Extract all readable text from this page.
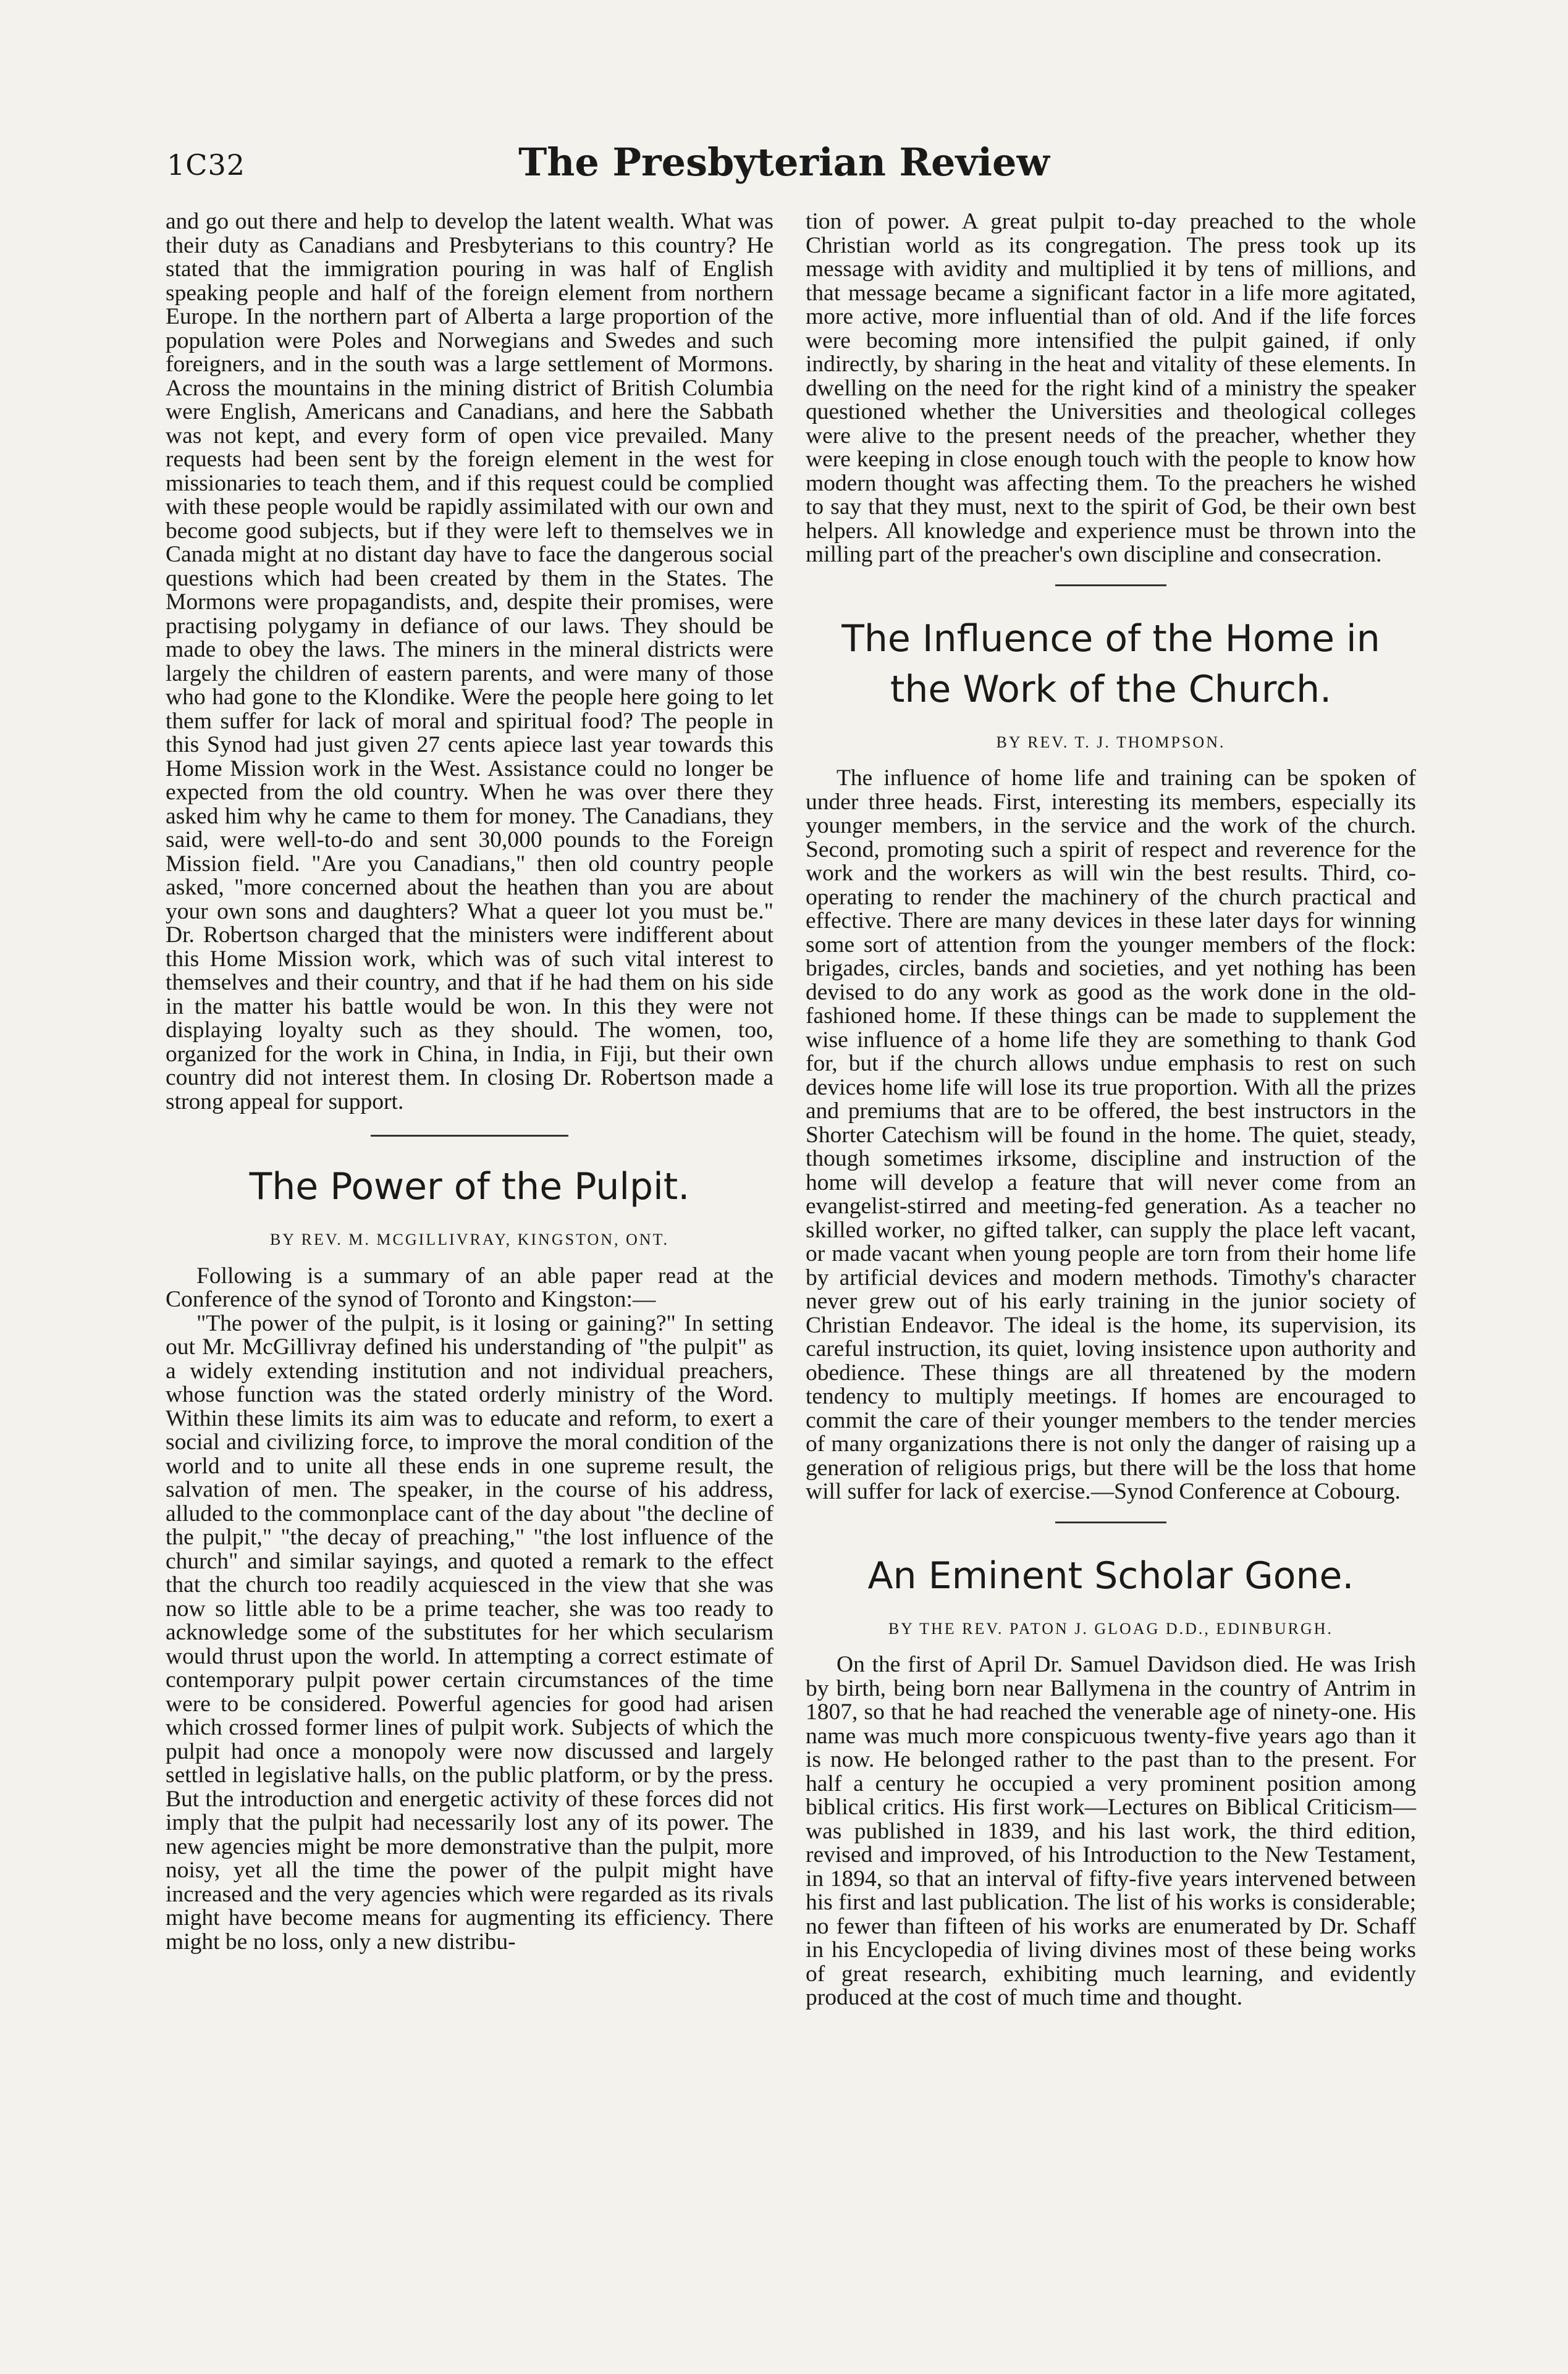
1C32	The Presbyterian Review

and go out there and help to develop the latent wealth. What was their duty as Canadians and Presbyterians to this country? He stated that the immigration pouring in was half of English speaking people and half of the foreign element from northern Europe. In the northern part of Alberta a large proportion of the population were Poles and Norwegians and Swedes and such foreigners, and in the south was a large settlement of Mormons. Across the mountains in the mining district of British Columbia were English, Americans and Canadians, and here the Sabbath was not kept, and every form of open vice prevailed. Many requests had been sent by the foreign element in the west for missionaries to teach them, and if this request could be complied with these people would be rapidly assimilated with our own and become good subjects, but if they were left to themselves we in Canada might at no distant day have to face the dangerous social questions which had been created by them in the States. The Mormons were propagandists, and, despite their promises, were practising polygamy in defiance of our laws. They should be made to obey the laws. The miners in the mineral districts were largely the children of eastern parents, and were many of those who had gone to the Klondike. Were the people here going to let them suffer for lack of moral and spiritual food? The people in this Synod had just given 27 cents apiece last year towards this Home Mission work in the West. Assistance could no longer be expected from the old country. When he was over there they asked him why he came to them for money. The Canadians, they said, were well-to-do and sent 30,000 pounds to the Foreign Mission field. "Are you Canadians," then old country people asked, "more concerned about the heathen than you are about your own sons and daughters? What a queer lot you must be." Dr. Robertson charged that the ministers were indifferent about this Home Mission work, which was of such vital interest to themselves and their country, and that if he had them on his side in the matter his battle would be won. In this they were not displaying loyalty such as they should. The women, too, organized for the work in China, in India, in Fiji, but their own country did not interest them. In closing Dr. Robertson made a strong appeal for support.

The Power of the Pulpit.
BY REV. M. MCGILLIVRAY, KINGSTON, ONT.

Following is a summary of an able paper read at the Conference of the synod of Toronto and Kingston:—

"The power of the pulpit, is it losing or gaining?" In setting out Mr. McGillivray defined his understanding of "the pulpit" as a widely extending institution and not individual preachers, whose function was the stated orderly ministry of the Word. Within these limits its aim was to educate and reform, to exert a social and civilizing force, to improve the moral condition of the world and to unite all these ends in one supreme result, the salvation of men. The speaker, in the course of his address, alluded to the commonplace cant of the day about "the decline of the pulpit," "the decay of preaching," "the lost influence of the church" and similar sayings, and quoted a remark to the effect that the church too readily acquiesced in the view that she was now so little able to be a prime teacher, she was too ready to acknowledge some of the substitutes for her which secularism would thrust upon the world. In attempting a correct estimate of contemporary pulpit power certain circumstances of the time were to be considered. Powerful agencies for good had arisen which crossed former lines of pulpit work. Subjects of which the pulpit had once a monopoly were now discussed and largely settled in legislative halls, on the public platform, or by the press. But the introduction and energetic activity of these forces did not imply that the pulpit had necessarily lost any of its power. The new agencies might be more demonstrative than the pulpit, more noisy, yet all the time the power of the pulpit might have increased and the very agencies which were regarded as its rivals might have become means for augmenting its efficiency. There might be no loss, only a new distribu-

tion of power. A great pulpit to-day preached to the whole Christian world as its congregation. The press took up its message with avidity and multiplied it by tens of millions, and that message became a significant factor in a life more agitated, more active, more influential than of old. And if the life forces were becoming more intensified the pulpit gained, if only indirectly, by sharing in the heat and vitality of these elements. In dwelling on the need for the right kind of a ministry the speaker questioned whether the Universities and theological colleges were alive to the present needs of the preacher, whether they were keeping in close enough touch with the people to know how modern thought was affecting them. To the preachers he wished to say that they must, next to the spirit of God, be their own best helpers. All knowledge and experience must be thrown into the milling part of the preacher's own discipline and consecration.

The Influence of the Home in the Work of the Church.
BY REV. T. J. THOMPSON.

The influence of home life and training can be spoken of under three heads. First, interesting its members, especially its younger members, in the service and the work of the church. Second, promoting such a spirit of respect and reverence for the work and the workers as will win the best results. Third, co-operating to render the machinery of the church practical and effective. There are many devices in these later days for winning some sort of attention from the younger members of the flock: brigades, circles, bands and societies, and yet nothing has been devised to do any work as good as the work done in the old-fashioned home. If these things can be made to supplement the wise influence of a home life they are something to thank God for, but if the church allows undue emphasis to rest on such devices home life will lose its true proportion. With all the prizes and premiums that are to be offered, the best instructors in the Shorter Catechism will be found in the home. The quiet, steady, though sometimes irksome, discipline and instruction of the home will develop a feature that will never come from an evangelist-stirred and meeting-fed generation. As a teacher no skilled worker, no gifted talker, can supply the place left vacant, or made vacant when young people are torn from their home life by artificial devices and modern methods. Timothy's character never grew out of his early training in the junior society of Christian Endeavor. The ideal is the home, its supervision, its careful instruction, its quiet, loving insistence upon authority and obedience. These things are all threatened by the modern tendency to multiply meetings. If homes are encouraged to commit the care of their younger members to the tender mercies of many organizations there is not only the danger of raising up a generation of religious prigs, but there will be the loss that home will suffer for lack of exercise.—Synod Conference at Cobourg.

An Eminent Scholar Gone.
BY THE REV. PATON J. GLOAG D.D., EDINBURGH.

On the first of April Dr. Samuel Davidson died. He was Irish by birth, being born near Ballymena in the country of Antrim in 1807, so that he had reached the venerable age of ninety-one. His name was much more conspicuous twenty-five years ago than it is now. He belonged rather to the past than to the present. For half a century he occupied a very prominent position among biblical critics. His first work—Lectures on Biblical Criticism—was published in 1839, and his last work, the third edition, revised and improved, of his Introduction to the New Testament, in 1894, so that an interval of fifty-five years intervened between his first and last publication. The list of his works is considerable; no fewer than fifteen of his works are enumerated by Dr. Schaff in his Encyclopedia of living divines most of these being works of great research, exhibiting much learning, and evidently produced at the cost of much time and thought.
